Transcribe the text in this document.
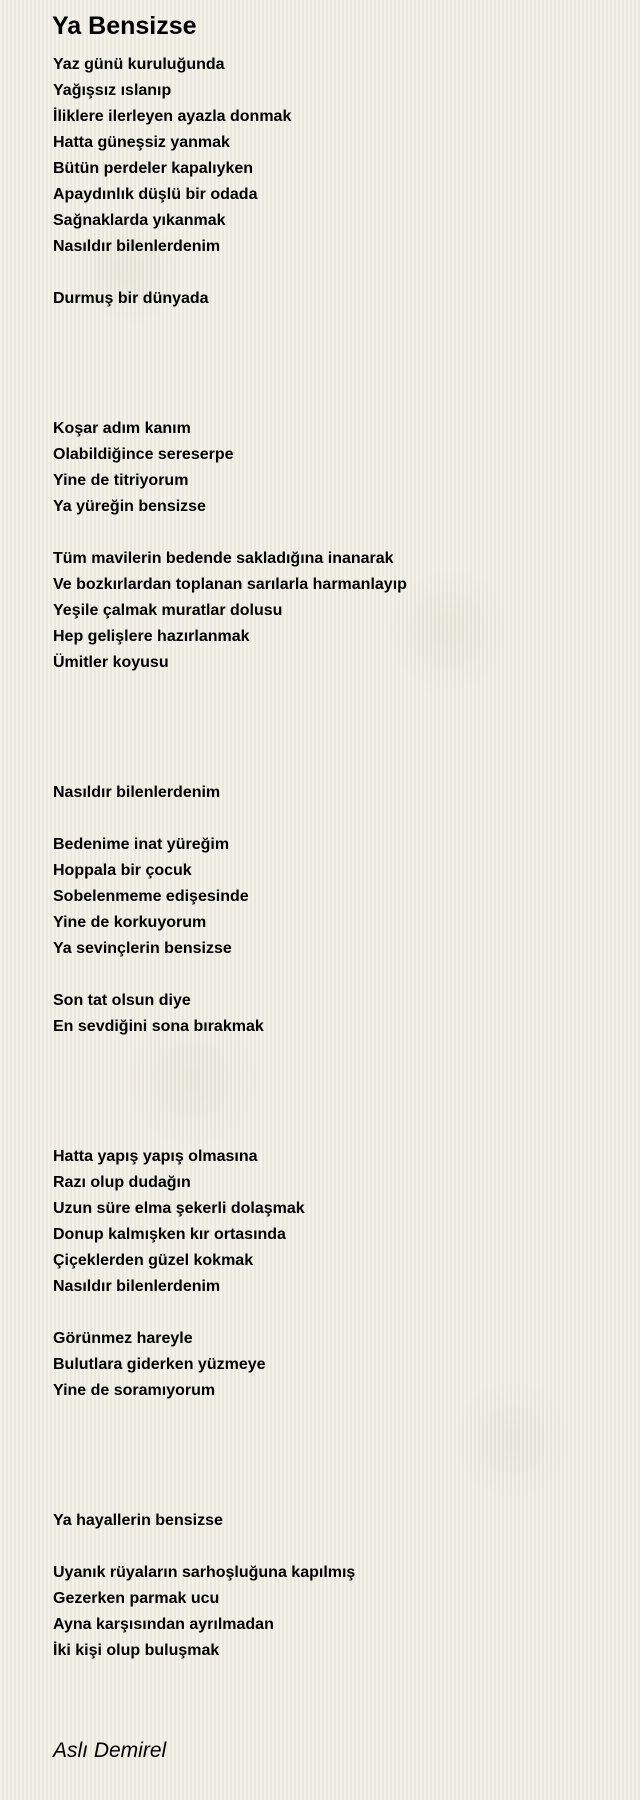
Ya Bensizse
Yaz günü kuruluğunda
Yağışsız ıslanıp
İliklere ilerleyen ayazla donmak
Hatta güneşsiz yanmak
Bütün perdeler kapalıyken
Apaydınlık düşlü bir odada
Sağnaklarda yıkanmak
Nasıldır bilenlerdenim
Durmuş bir dünyada
Koşar adım kanım
Olabildiğince sereserpe
Yine de titriyorum
Ya yüreğin bensizse
Tüm mavilerin bedende sakladığına inanarak
Ve bozkırlardan toplanan sarılarla harmanlayıp
Yeşile çalmak muratlar dolusu
Hep gelişlere hazırlanmak
Ümitler koyusu
Nasıldır bilenlerdenim
Bedenime inat yüreğim
Hoppala bir çocuk
Sobelenmeme edişesinde
Yine de korkuyorum
Ya sevinçlerin bensizse
Son tat olsun diye
En sevdiğini sona bırakmak
Hatta yapış yapış olmasına
Razı olup dudağın
Uzun süre elma şekerli dolaşmak
Donup kalmışken kır ortasında
Çiçeklerden güzel kokmak
Nasıldır bilenlerdenim
Görünmez hareyle
Bulutlara giderken yüzmeye
Yine de soramıyorum
Ya hayallerin bensizse
Uyanık rüyaların sarhoşluğuna kapılmış
Gezerken parmak ucu
Ayna karşısından ayrılmadan
İki kişi olup buluşmak
Aslı Demirel
